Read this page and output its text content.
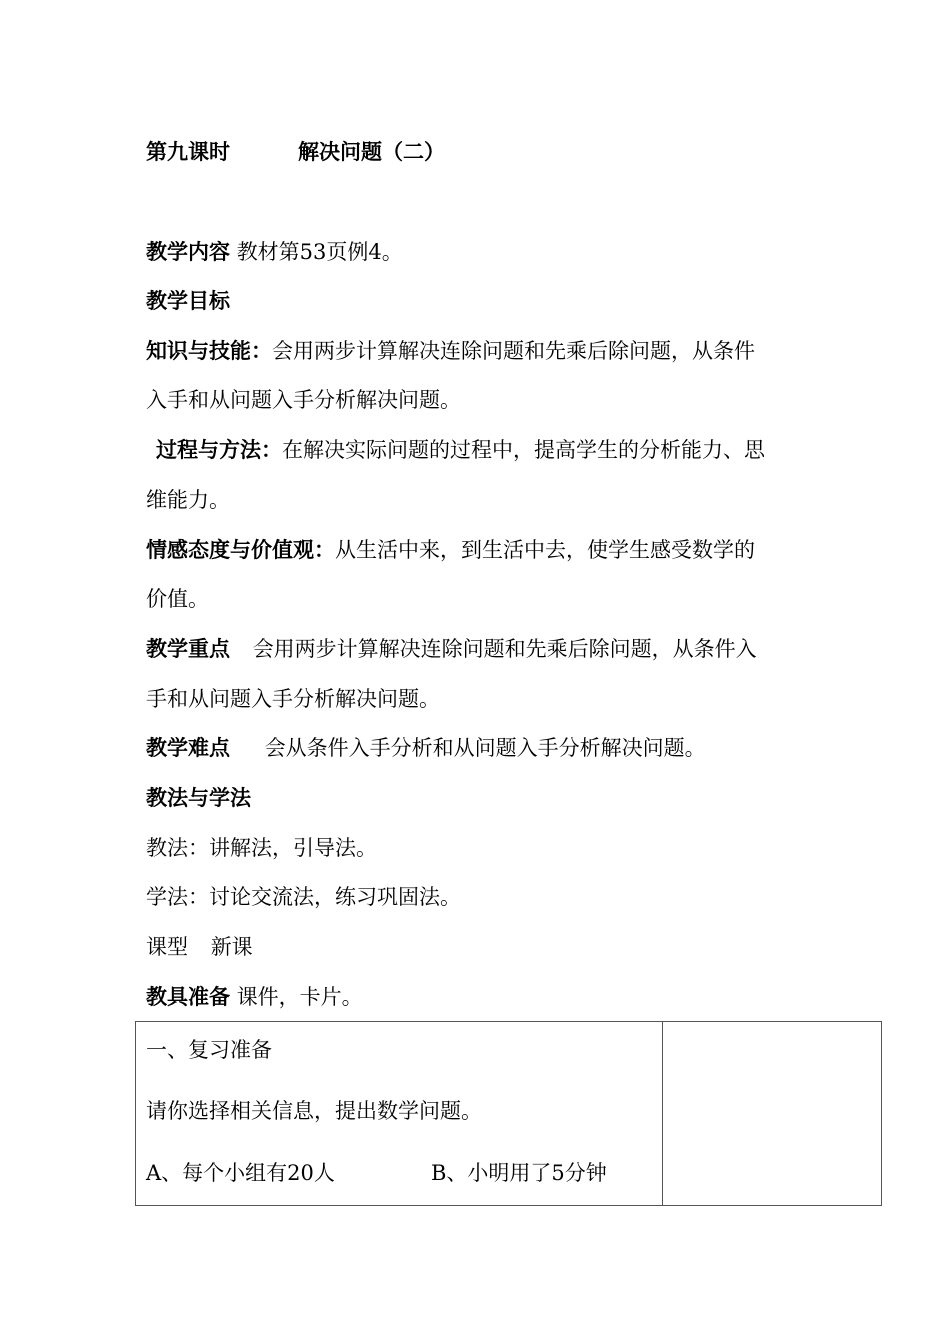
第九课时	解决问题（二）
教学内容 教材第53页例4。
教学目标
知识与技能：会用两步计算解决连除问题和先乘后除问题，从条件
入手和从问题入手分析解决问题。
过程与方法：在解决实际问题的过程中，提高学生的分析能力、思
维能力。
情感态度与价值观：从生活中来，到生活中去，使学生感受数学的
价值。
教学重点 会用两步计算解决连除问题和先乘后除问题，从条件入
手和从问题入手分析解决问题。
教学难点 会从条件入手分析和从问题入手分析解决问题。
教法与学法
教法：讲解法，引导法。
学法：讨论交流法，练习巩固法。
课型 新课
教具准备 课件，卡片。
一、复习准备
请你选择相关信息，提出数学问题。
A、每个小组有20人	B、小明用了5分钟
